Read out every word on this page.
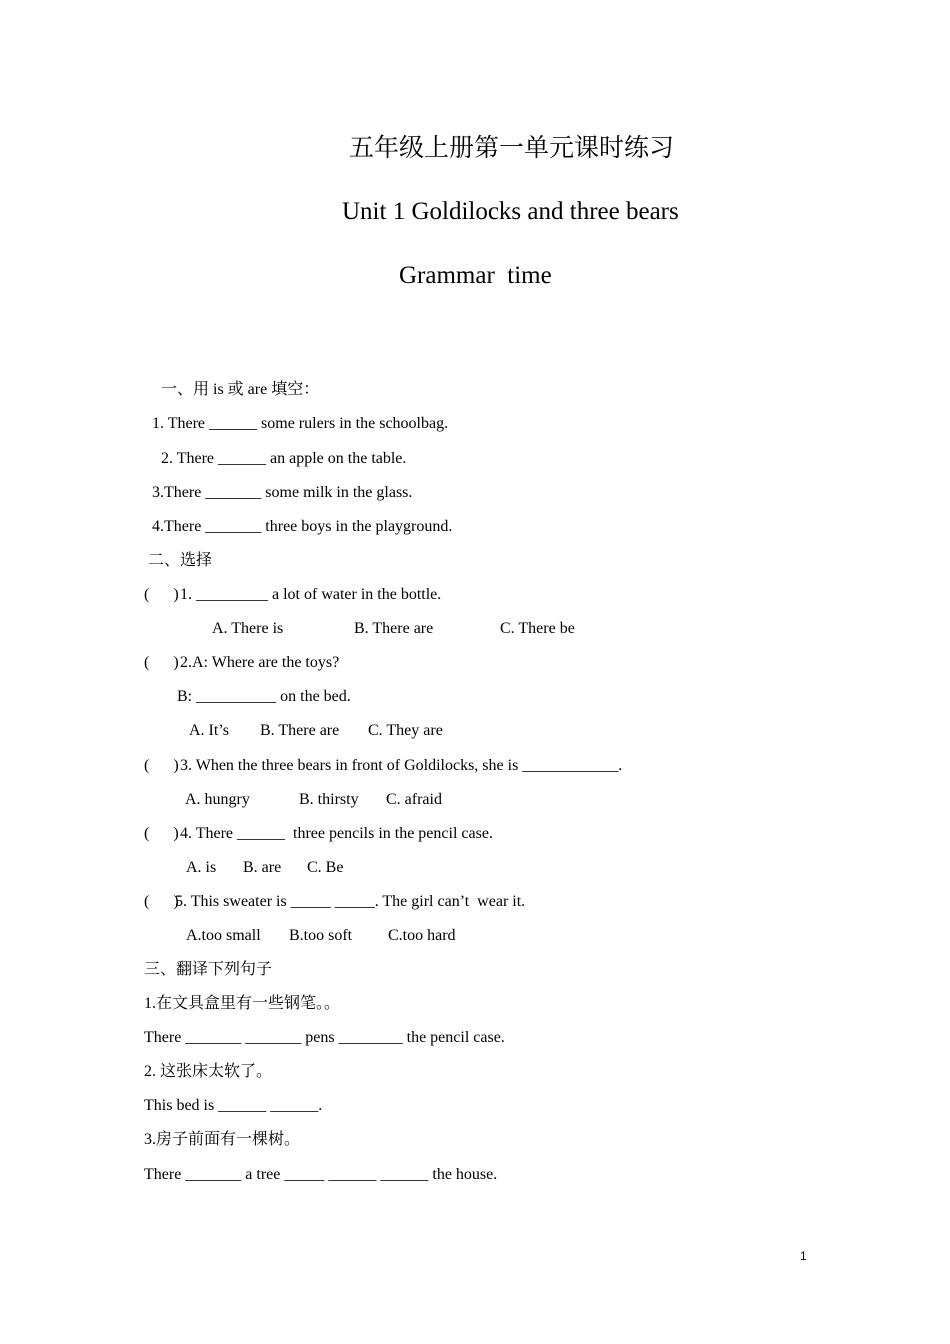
五年级上册第一单元课时练习
Unit 1 Goldilocks and three bears
Grammar  time
一、用 is 或 are 填空：
1. There ______ some rulers in the schoolbag.
2. There ______ an apple on the table.
3.There _______ some milk in the glass.
4.There _______ three boys in the playground.
二、选择
(      ) 1. _________ a lot of water in the bottle.
A. There is	B. There are	C. There be
(      ) 2.A: Where are the toys?
B: __________ on the bed.
A. It’s B. There are C. They are
(      ) 3. When the three bears in front of Goldilocks, she is ____________.
A. hungry	B. thirsty C. afraid
(      ) 4. There ______  three pencils in the pencil case.
A. is B. are C. Be
(      )
5. This sweater is _____ _____. The girl can’t  wear it.
A.too small B.too soft C.too hard
三、翻译下列句子
1.在文具盒里有一些钢笔。。
There _______ _______ pens ________ the pencil case.
2. 这张床太软了。
This bed is ______ ______.
3.房子前面有一棵树。
There _______ a tree _____ ______ ______ the house.
1
